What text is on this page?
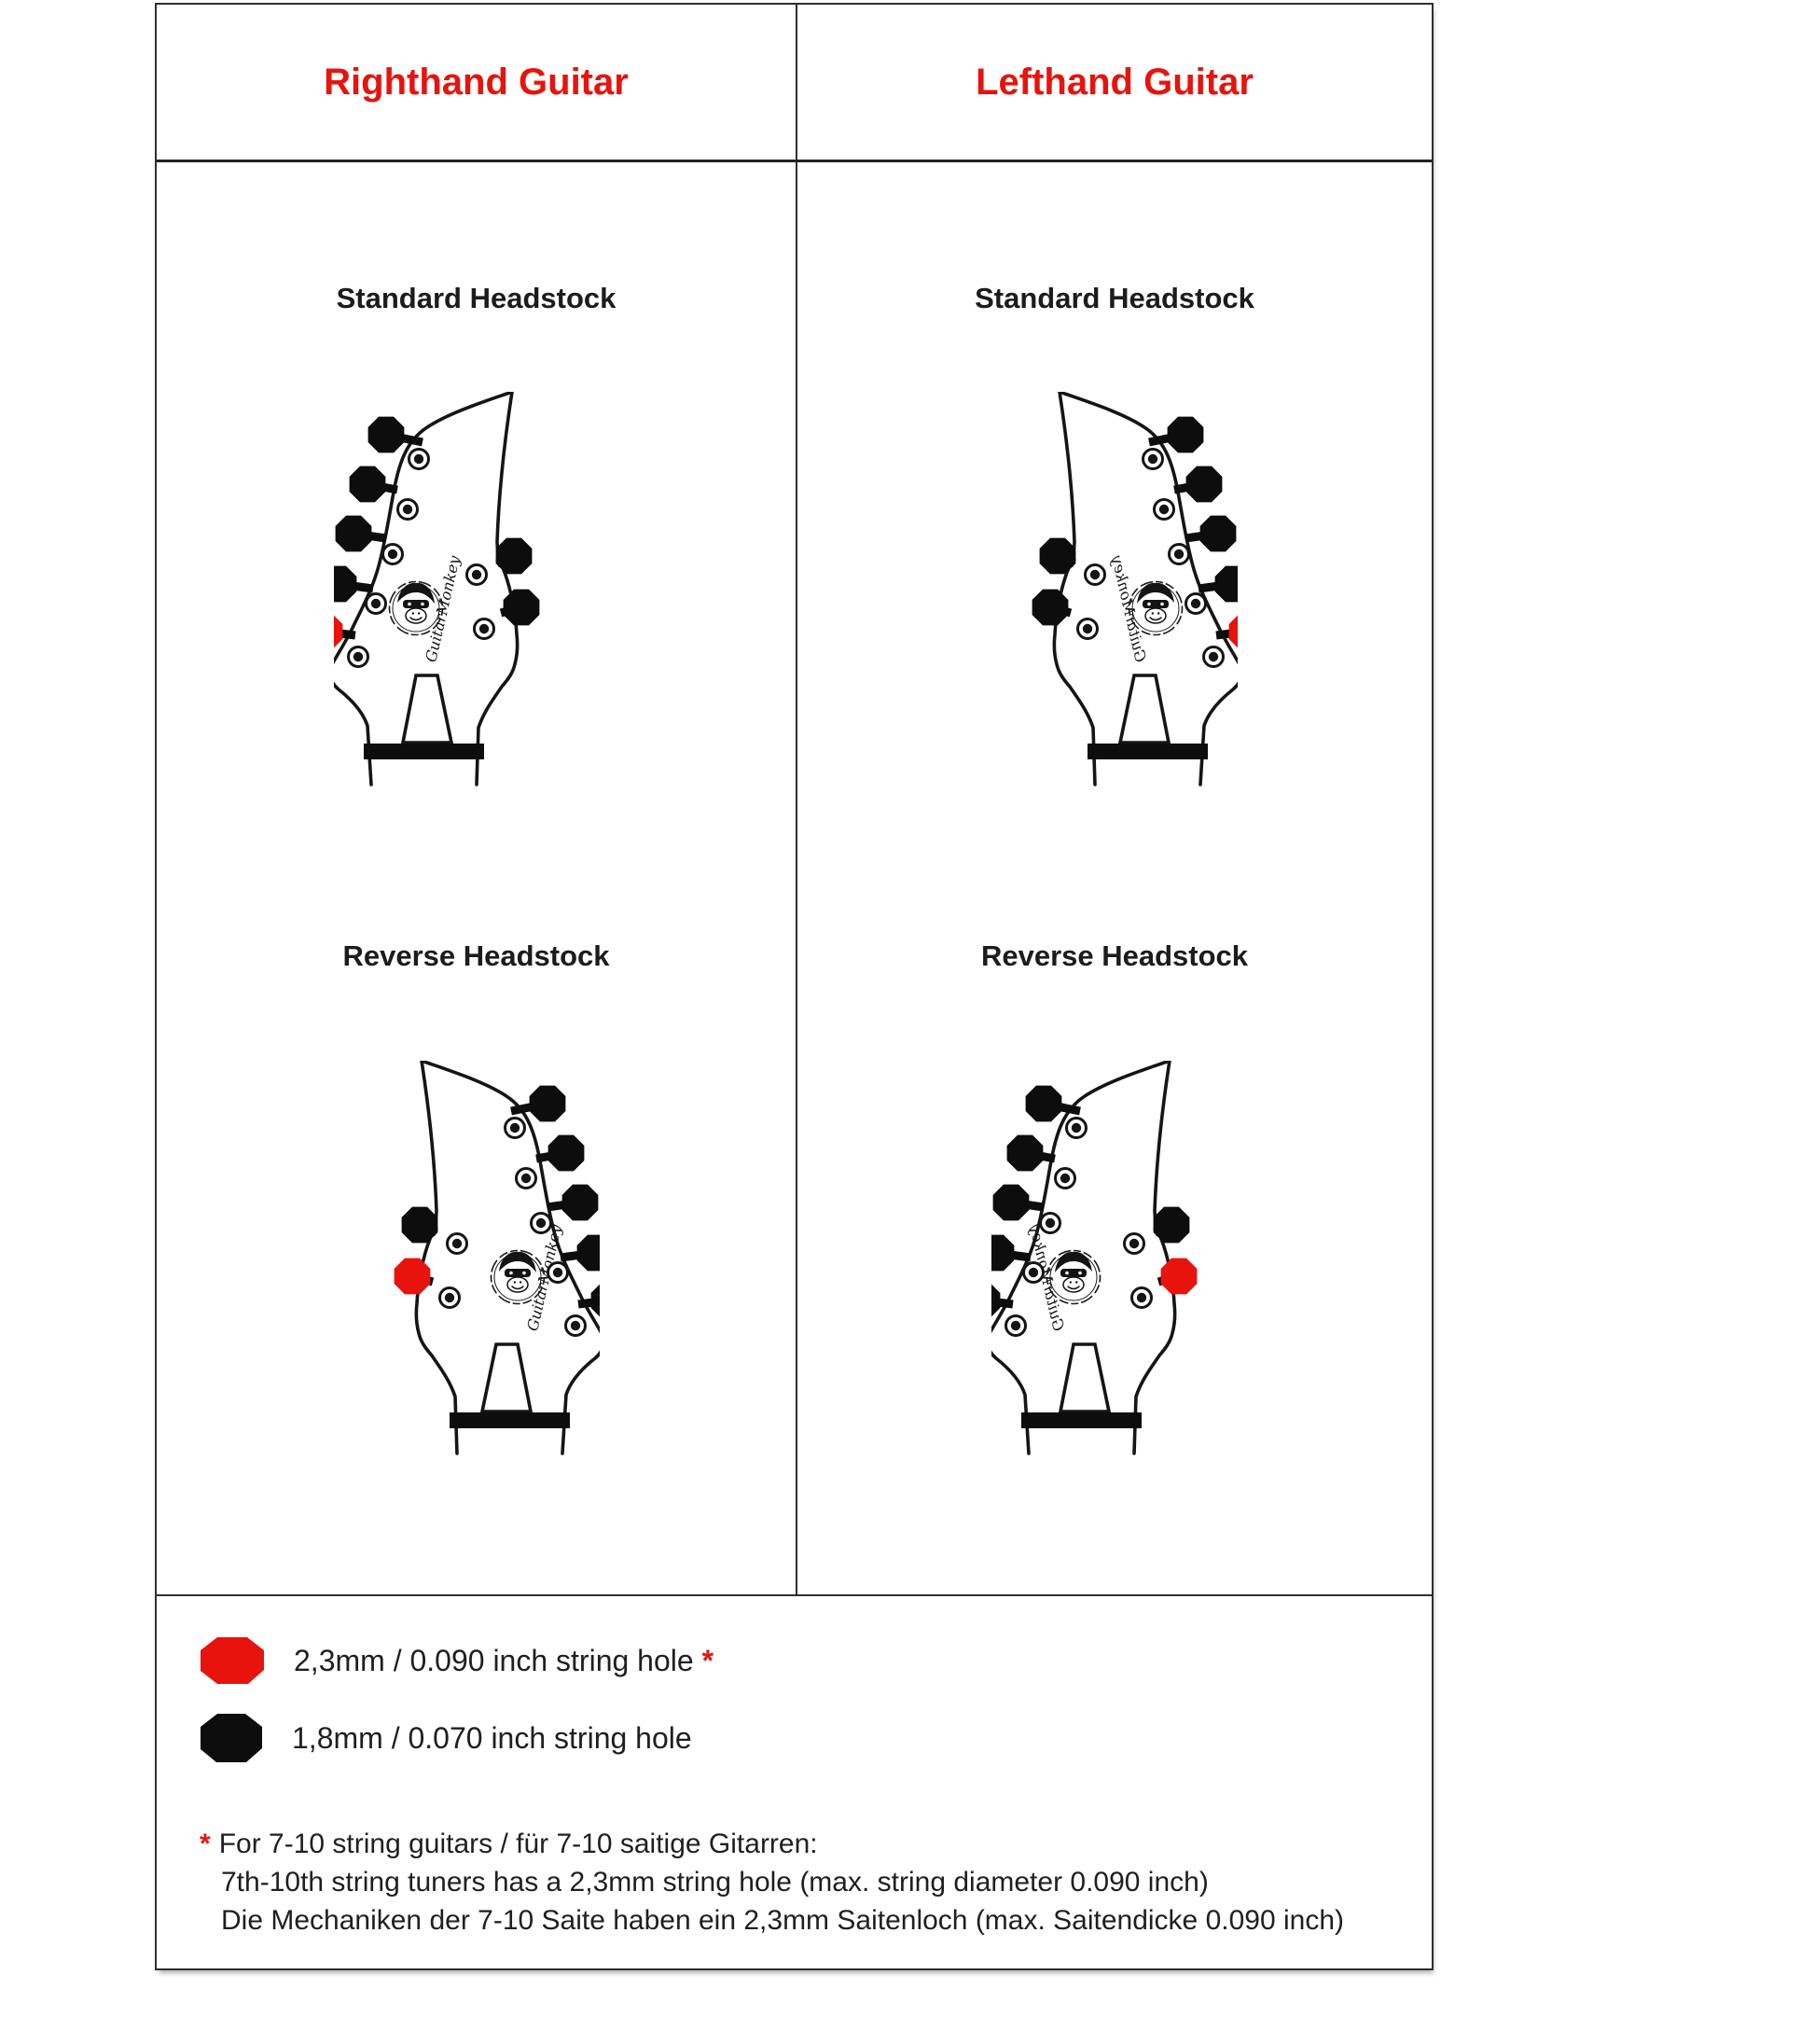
Righthand Guitar	Lefthand Guitar
Standard Headstock
Reverse Headstock
Standard Headstock
Reverse Headstock
2,3mm / 0.090 inch string hole *
1,8mm / 0.070 inch string hole
* For 7-10 string guitars / für 7-10 saitige Gitarren:
7th-10th string tuners has a 2,3mm string hole (max. string diameter 0.090 inch)
Die Mechaniken der 7-10 Saite haben ein 2,3mm Saitenloch (max. Saitendicke 0.090 inch)
